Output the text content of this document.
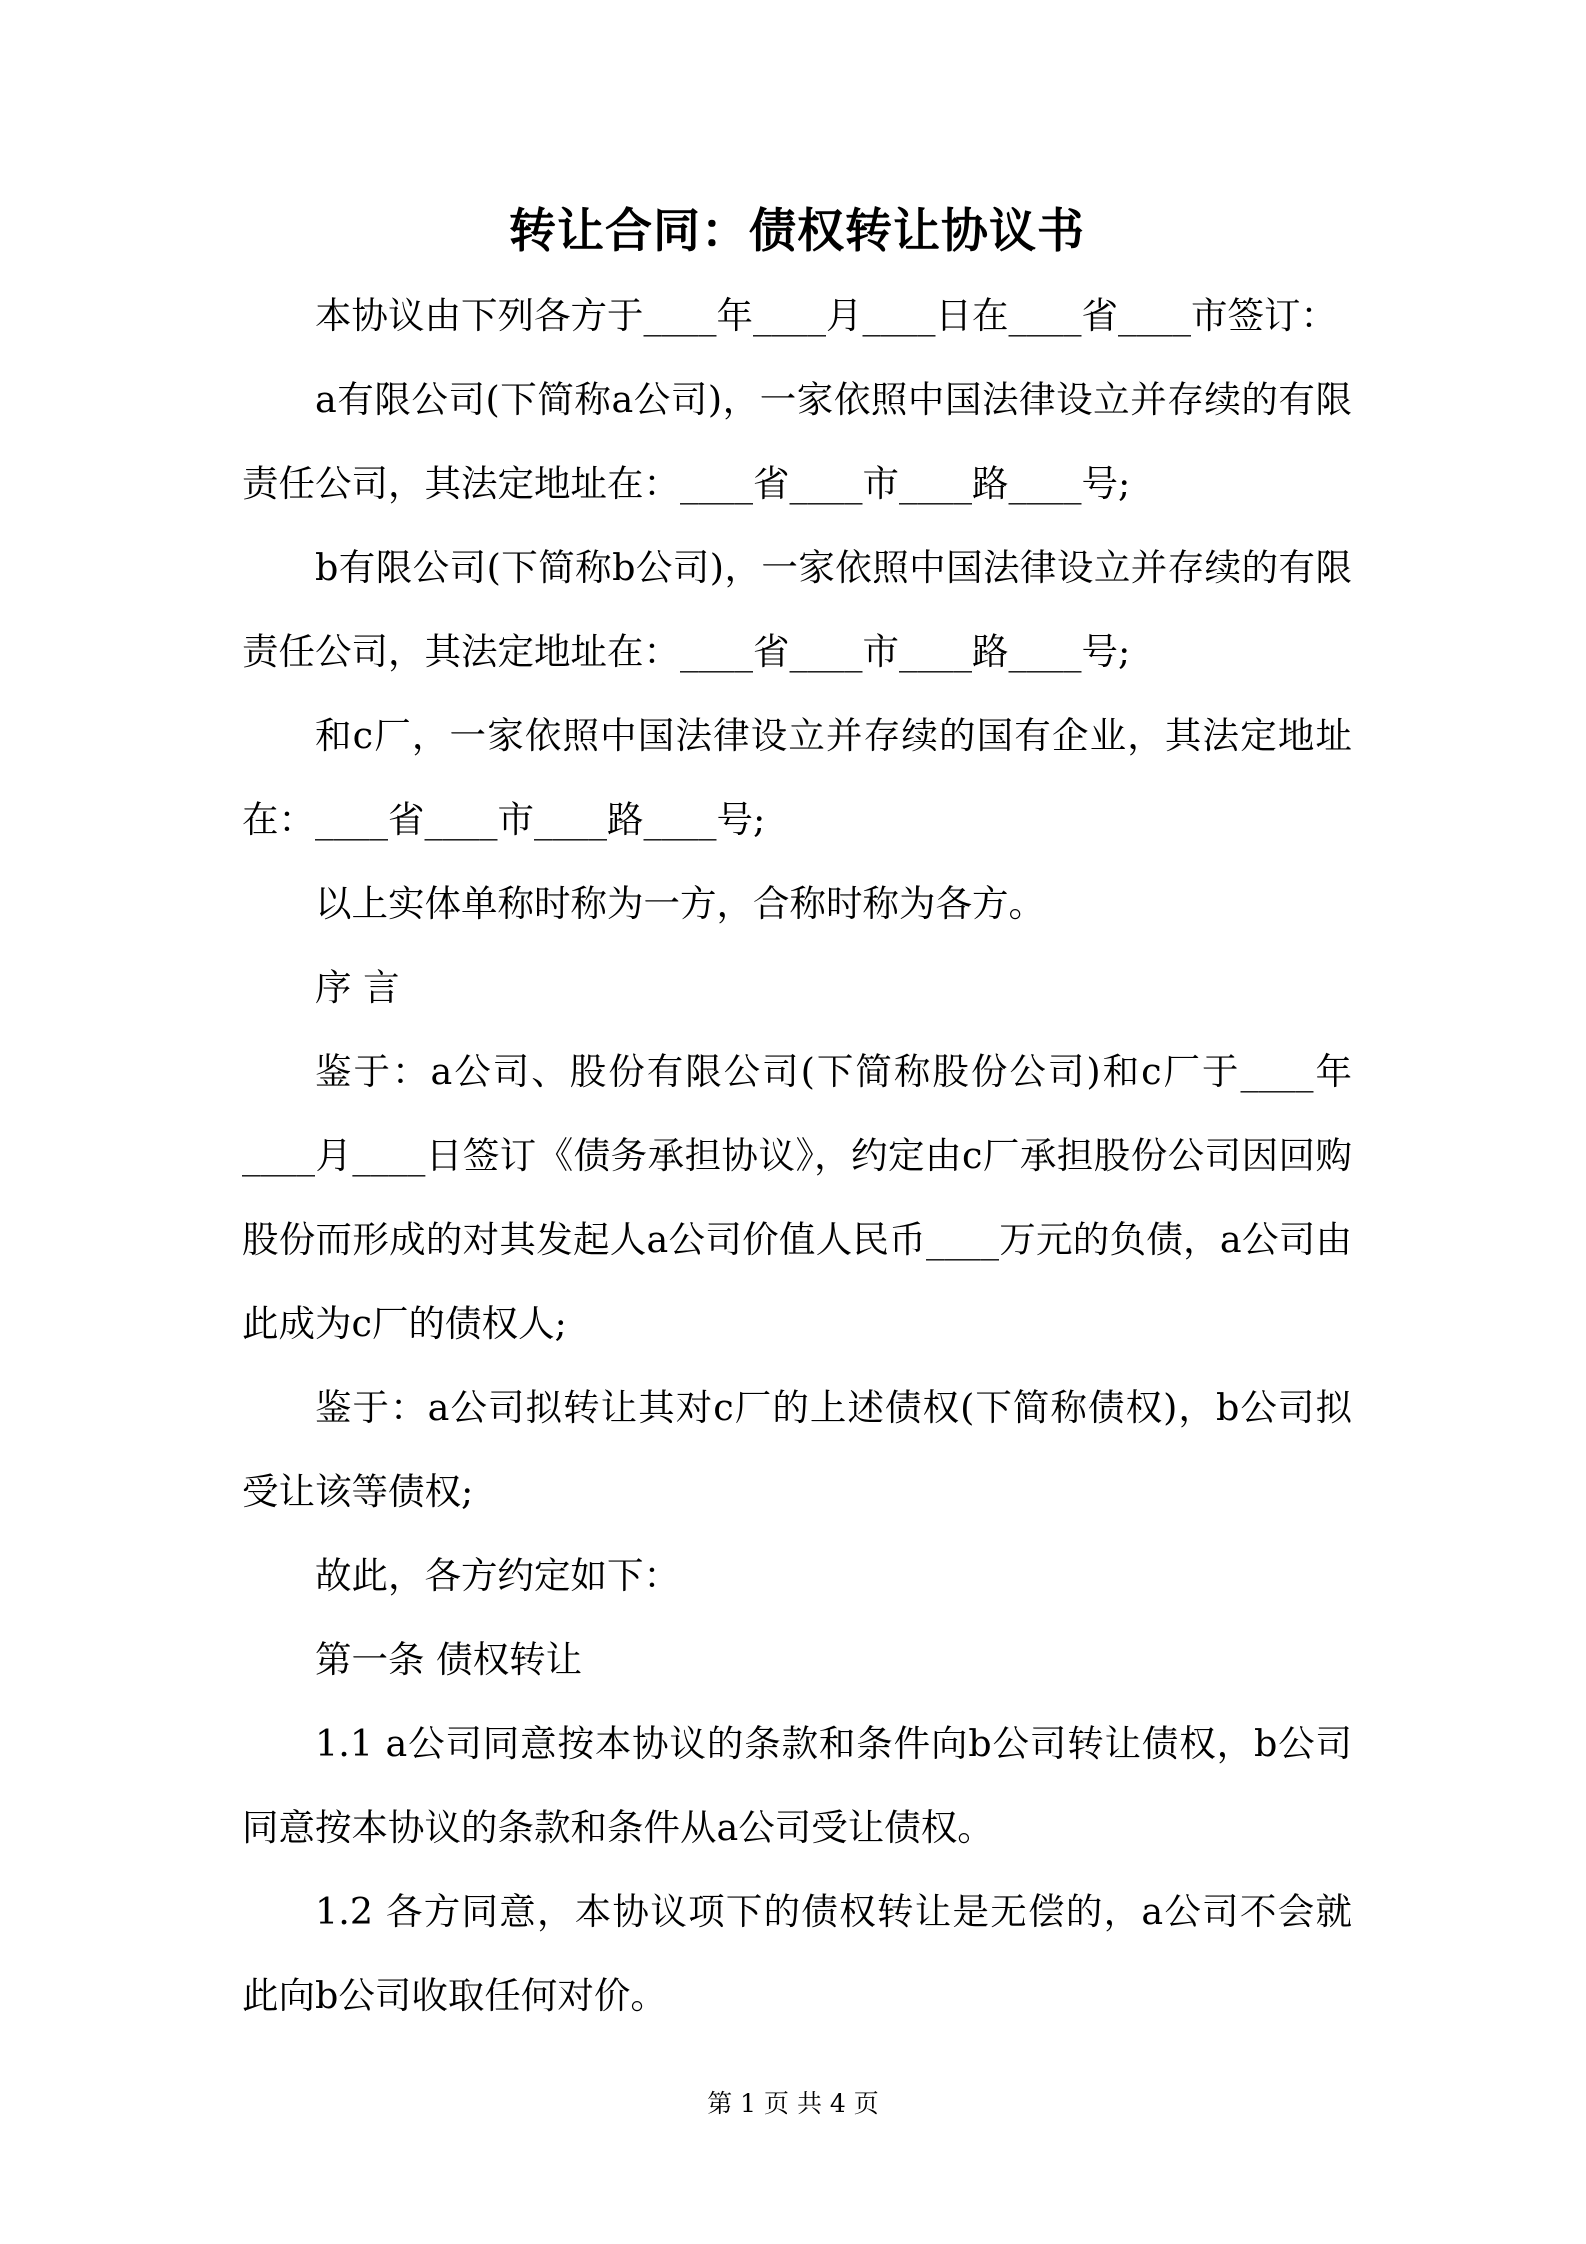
转让合同：债权转让协议书

本协议由下列各方于____年____月____日在____省____市签订：

a有限公司(下简称a公司)，一家依照中国法律设立并存续的有限责任公司，其法定地址在：____省____市____路____号;

b有限公司(下简称b公司)，一家依照中国法律设立并存续的有限责任公司，其法定地址在：____省____市____路____号;

和c厂，一家依照中国法律设立并存续的国有企业，其法定地址在：____省____市____路____号;

以上实体单称时称为一方，合称时称为各方。

序 言

鉴于：a公司、股份有限公司(下简称股份公司)和c厂于____年____月____日签订《债务承担协议》，约定由c厂承担股份公司因回购股份而形成的对其发起人a公司价值人民币____万元的负债，a公司由此成为c厂的债权人;

鉴于：a公司拟转让其对c厂的上述债权(下简称债权)，b公司拟受让该等债权;

故此，各方约定如下：

第一条 债权转让

1.1 a公司同意按本协议的条款和条件向b公司转让债权，b公司同意按本协议的条款和条件从a公司受让债权。

1.2 各方同意，本协议项下的债权转让是无偿的，a公司不会就此向b公司收取任何对价。

第 1 页 共 4 页
